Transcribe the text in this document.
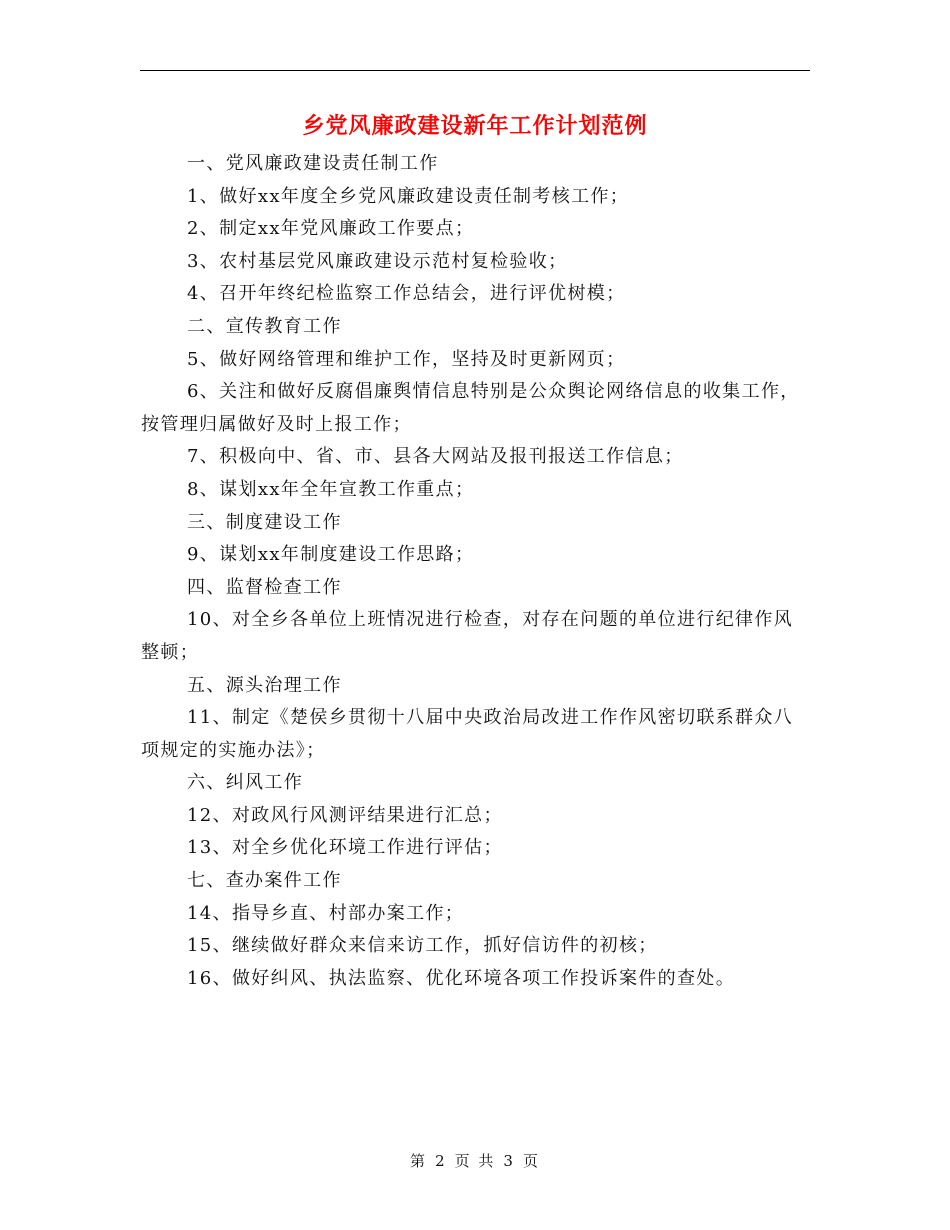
乡党风廉政建设新年工作计划范例

一、党风廉政建设责任制工作

1、做好xx年度全乡党风廉政建设责任制考核工作；

2、制定xx年党风廉政工作要点；

3、农村基层党风廉政建设示范村复检验收；

4、召开年终纪检监察工作总结会，进行评优树模；

二、宣传教育工作

5、做好网络管理和维护工作，坚持及时更新网页；

6、关注和做好反腐倡廉舆情信息特别是公众舆论网络信息的收集工作，按管理归属做好及时上报工作；

7、积极向中、省、市、县各大网站及报刊报送工作信息；

8、谋划xx年全年宣教工作重点；

三、制度建设工作

9、谋划xx年制度建设工作思路；

四、监督检查工作

10、对全乡各单位上班情况进行检查，对存在问题的单位进行纪律作风整顿；

五、源头治理工作

11、制定《楚侯乡贯彻十八届中央政治局改进工作作风密切联系群众八项规定的实施办法》；

六、纠风工作

12、对政风行风测评结果进行汇总；

13、对全乡优化环境工作进行评估；

七、查办案件工作

14、指导乡直、村部办案工作；

15、继续做好群众来信来访工作，抓好信访件的初核；

16、做好纠风、执法监察、优化环境各项工作投诉案件的查处。

第 2 页 共 3 页
